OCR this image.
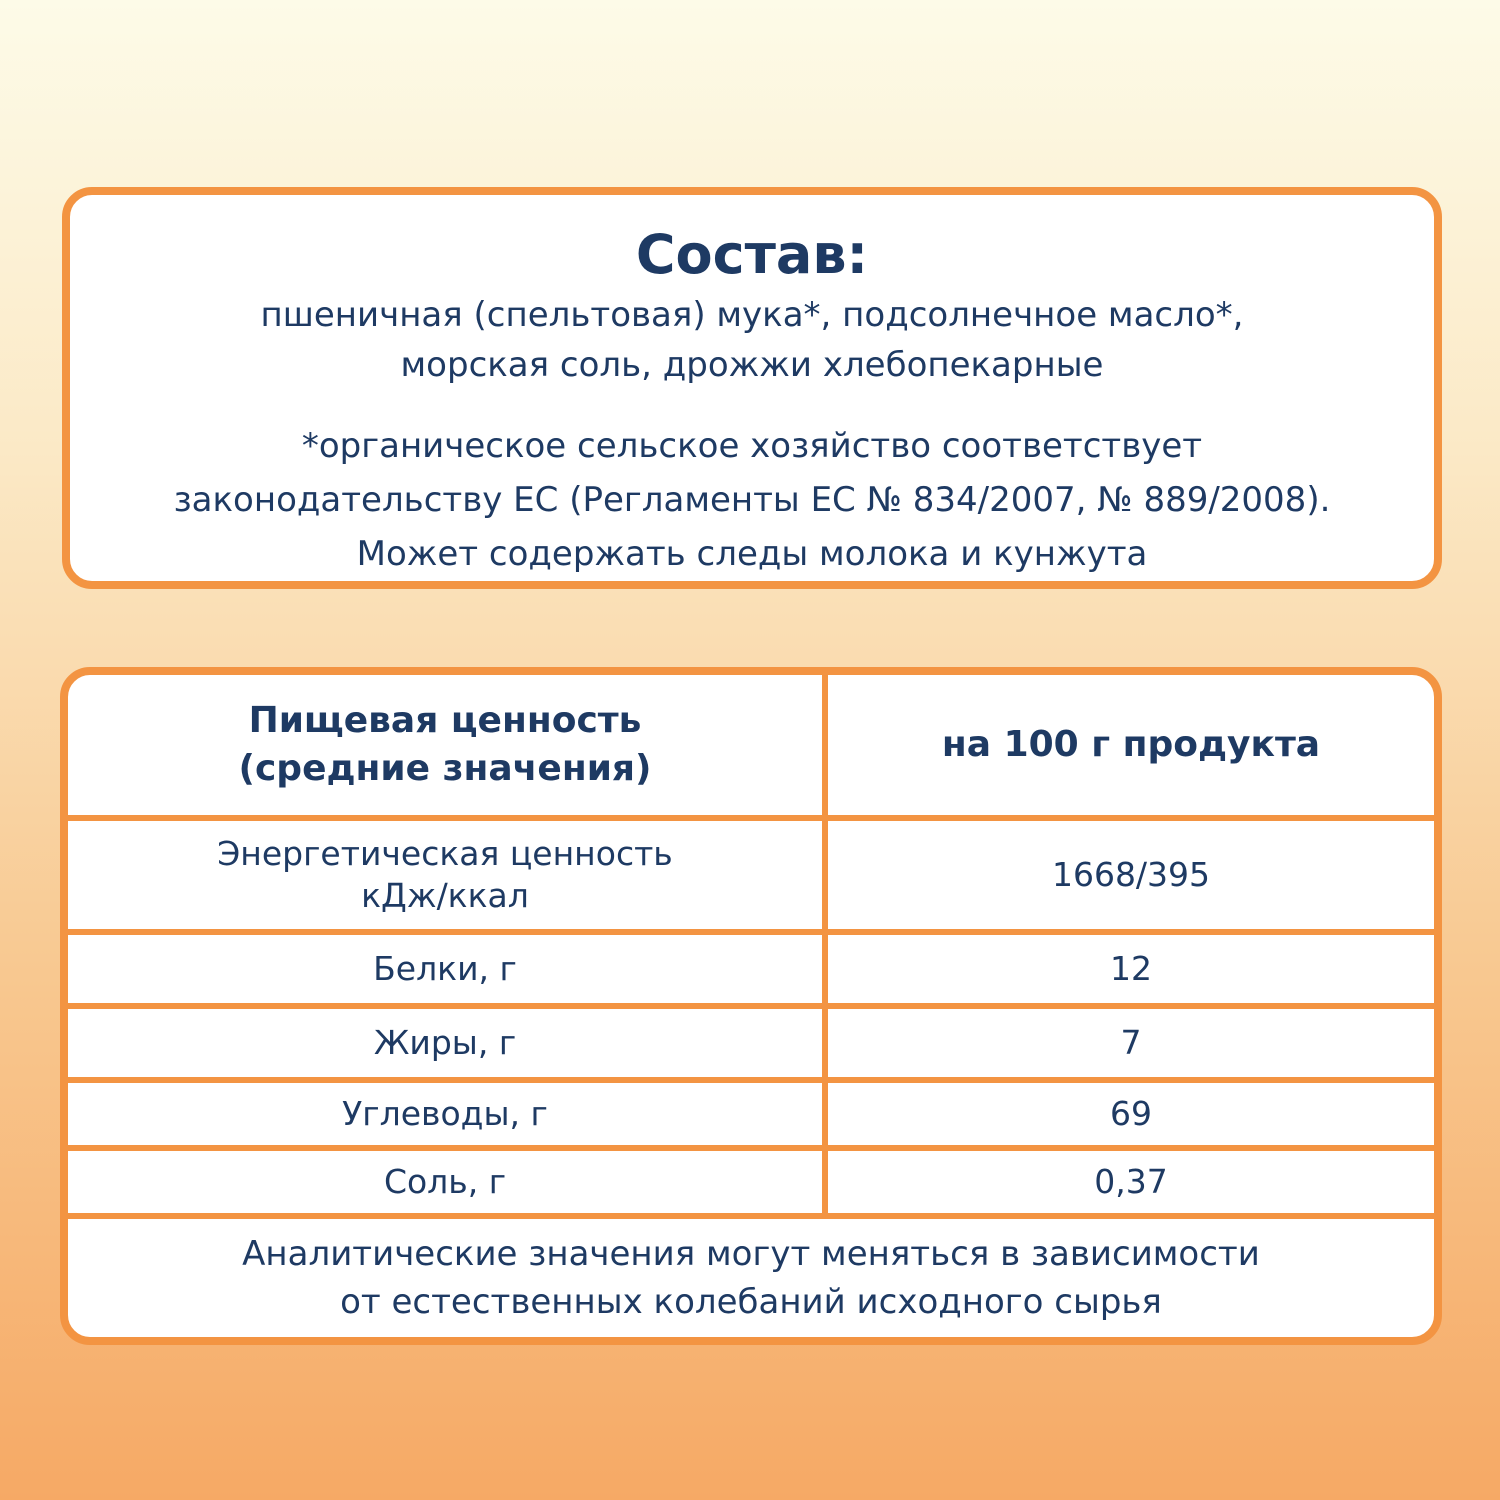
Состав:
пшеничная (спельтовая) мука*, подсолнечное масло*,
морская соль, дрожжи хлебопекарные
*органическое сельское хозяйство соответствует
законодательству ЕС (Регламенты ЕС № 834/2007, № 889/2008).
Может содержать следы молока и кунжута
Пищевая ценность
(средние значения)	на 100 г продукта

Энергетическая ценность
кДж/ккал	1668/395
Белки, г	12
Жиры, г	7
Углеводы, г	69
Соль, г	0,37

Аналитические значения могут меняться в зависимости
от естественных колебаний исходного сырья	
